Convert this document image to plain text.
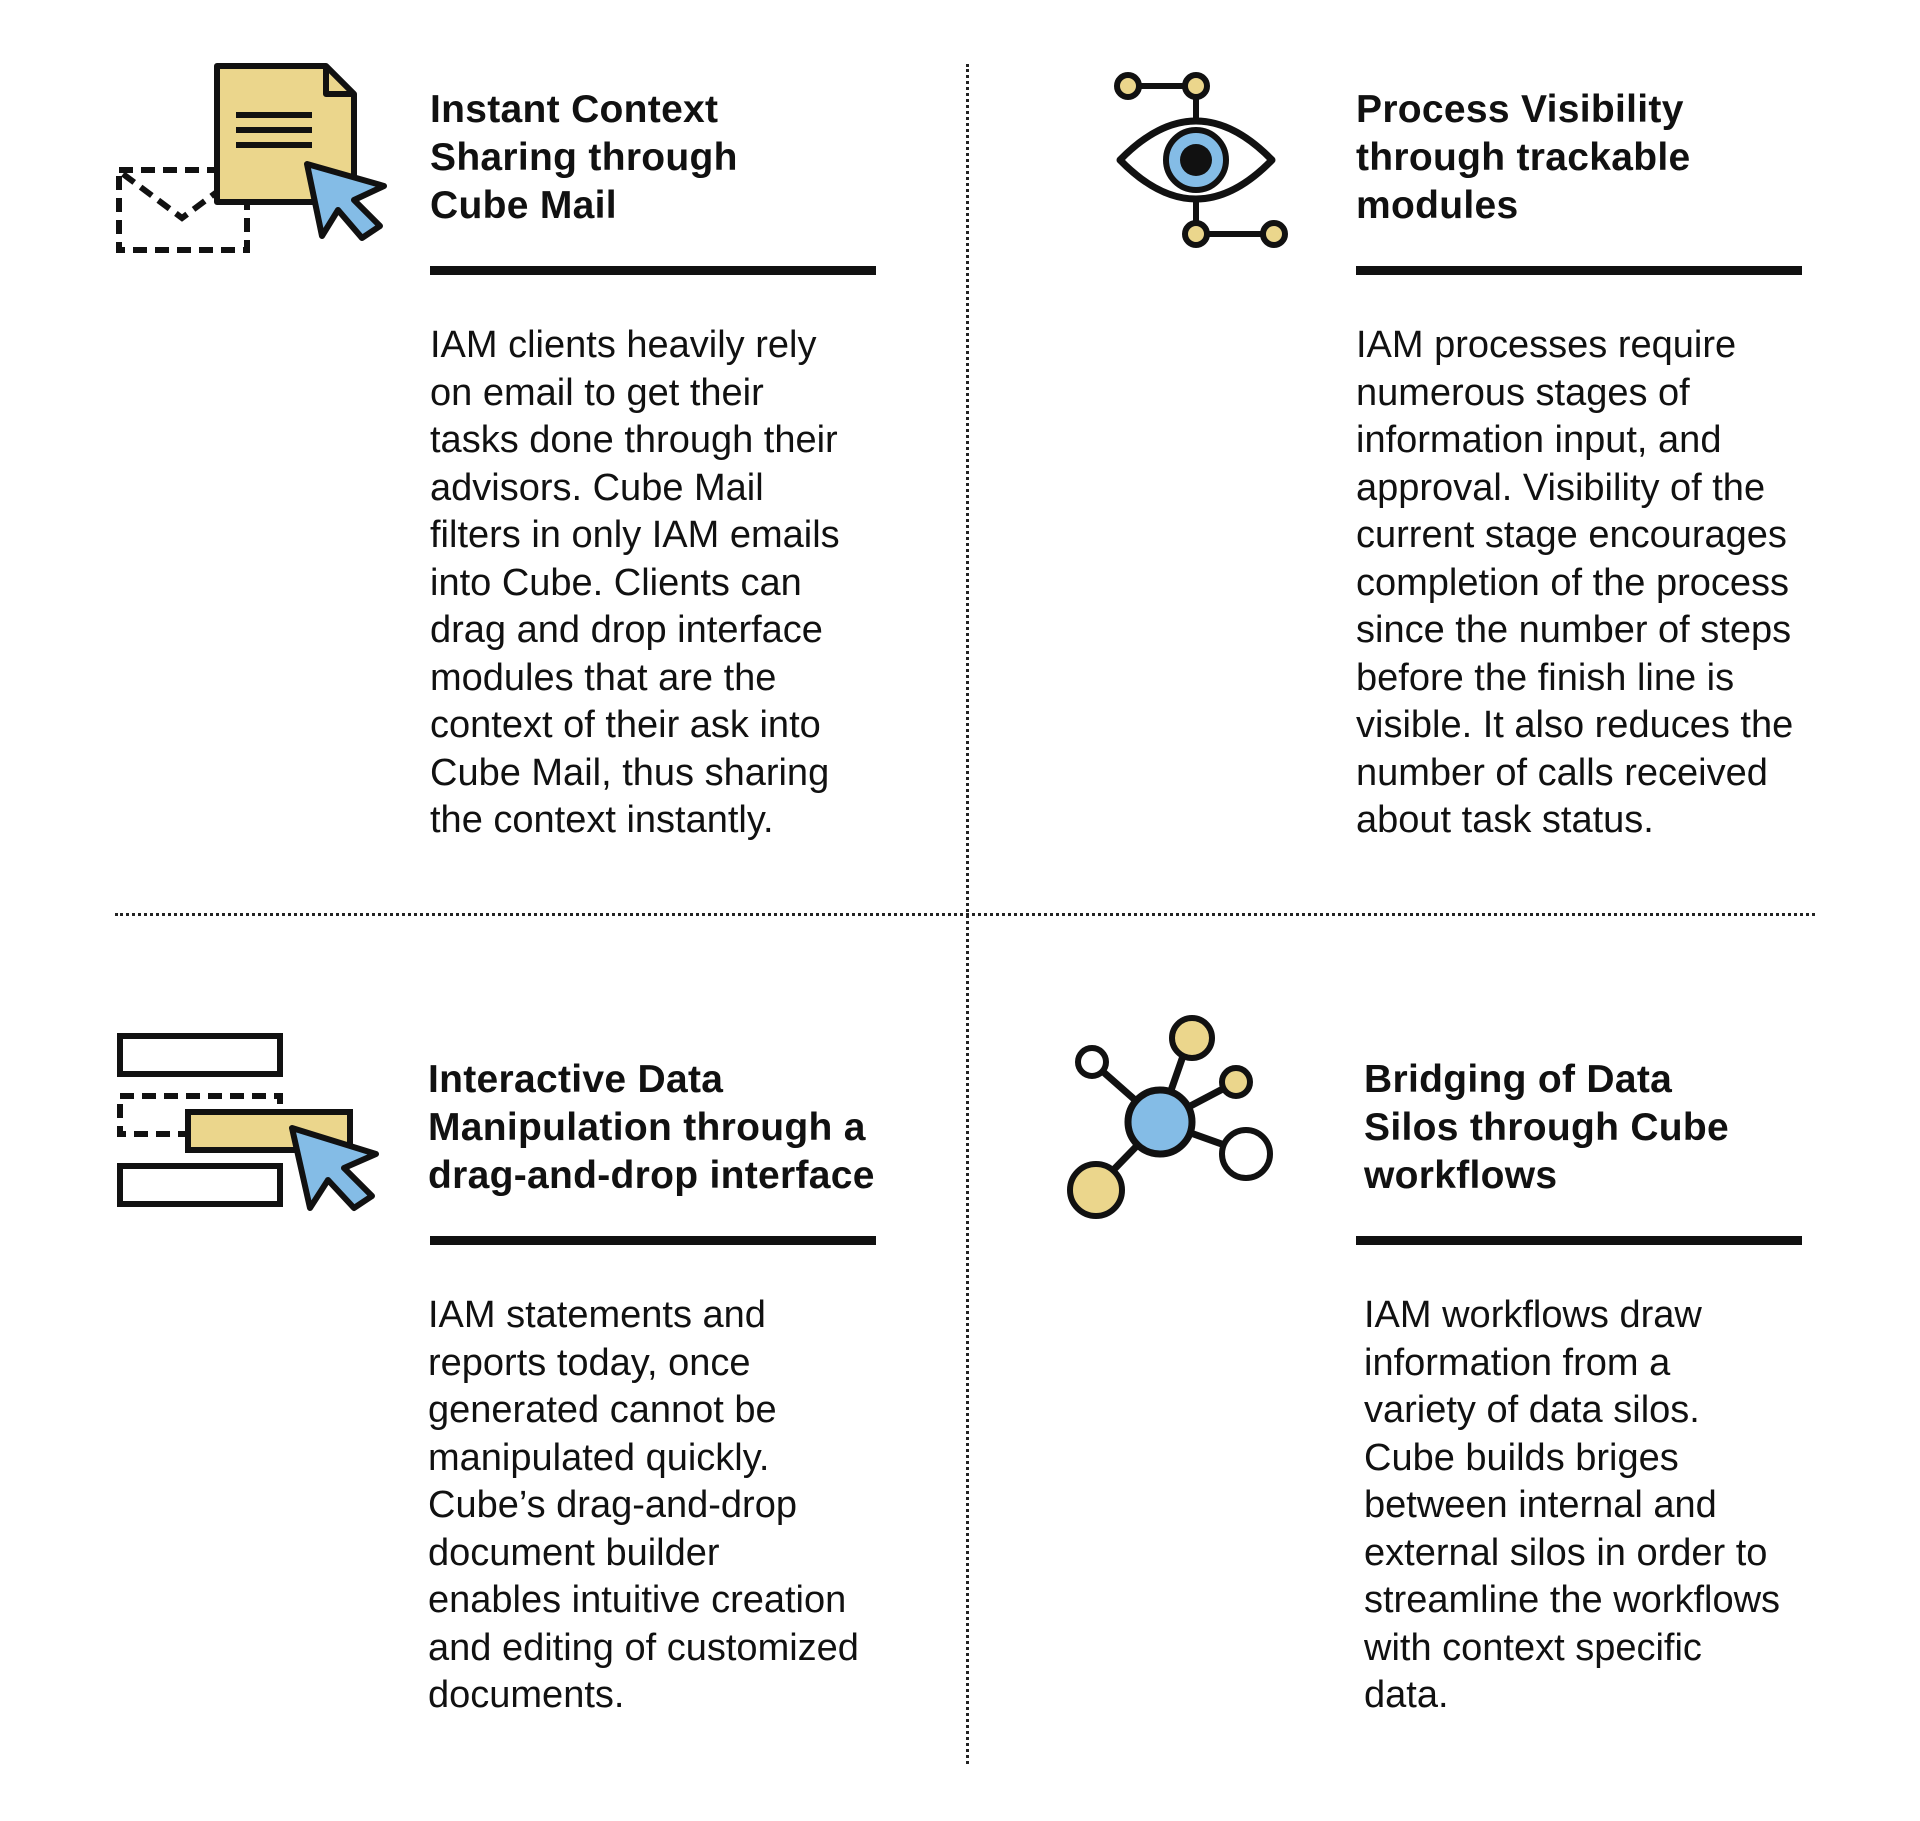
Instant Context
Sharing through
Cube Mail

IAM clients heavily rely
on email to get their
tasks done through their
advisors. Cube Mail
filters in only IAM emails
into Cube. Clients can
drag and drop interface
modules that are the
context of their ask into
Cube Mail, thus sharing
the context instantly.

Process Visibility
through trackable
modules

IAM processes require
numerous stages of
information input, and
approval. Visibility of the
current stage encourages
completion of the process
since the number of steps
before the finish line is
visible. It also reduces the
number of calls received
about task status.

Interactive Data
Manipulation through a
drag-and-drop interface

IAM statements and
reports today, once
generated cannot be
manipulated quickly.
Cube’s drag-and-drop
document builder
enables intuitive creation
and editing of customized
documents.

Bridging of Data
Silos through Cube
workflows

IAM workflows draw
information from a
variety of data silos.
Cube builds briges
between internal and
external silos in order to
streamline the workflows
with context specific
data.
